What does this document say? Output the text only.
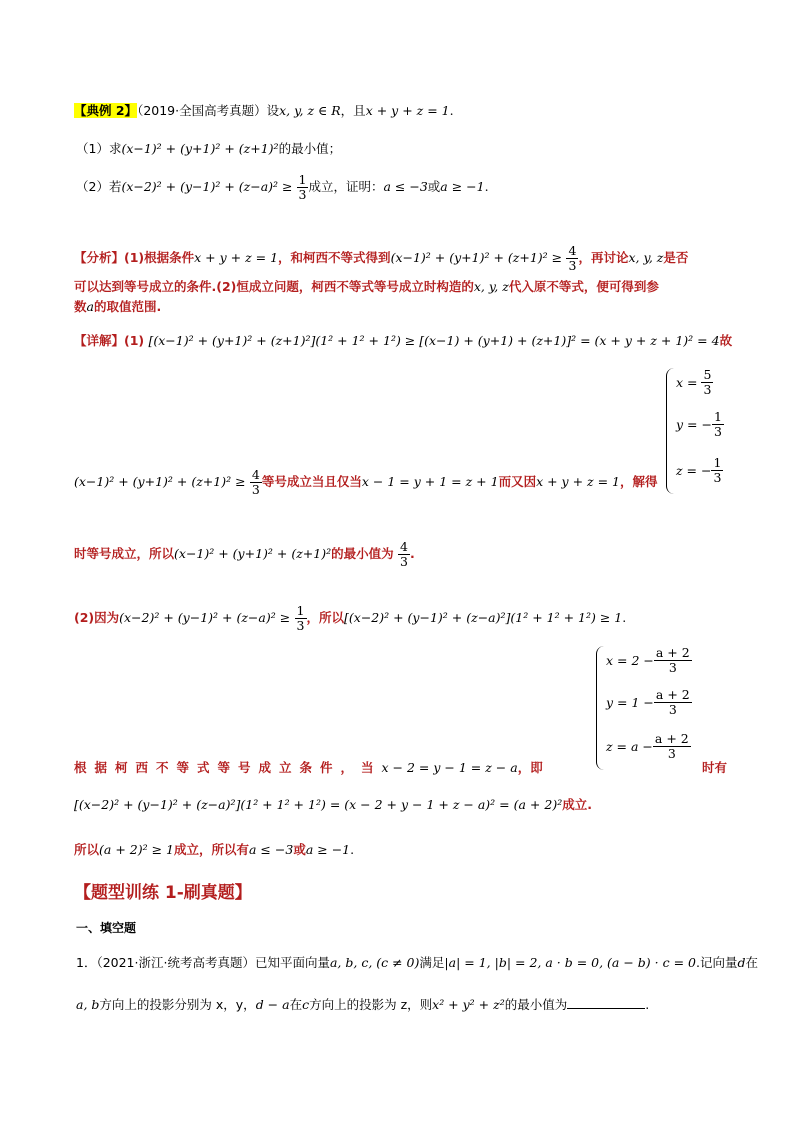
【典例 2】（2019·全国高考真题）设x, y, z ∈ R，且x + y + z = 1.
（1）求(x−1)² + (y+1)² + (z+1)²的最小值；
（2）若$(x-2)^2 + (y-1)^2 + (z-a)^2 \ge \frac{1}{3}$ 成立，证明：a ≤ −3或a ≥ −1.
【分析】(1)根据条件x + y + z = 1，和柯西不等式得到$(x-1)^2 + (y+1)^2 + (z+1)^2 \ge \frac{4}{3}$ ，再讨论x, y, z是否
可以达到等号成立的条件.(2)恒成立问题，柯西不等式等号成立时构造的x, y, z代入原不等式，便可得到参
数a的取值范围.
【详解】(1) [(x−1)² + (y+1)² + (z+1)²](1² + 1² + 1²) ≥ [(x−1) + (y+1) + (z+1)]² = (x + y + z + 1)² = 4故
$(x-1)^2 + (y+1)^2 + (z+1)^2 \ge \frac{4}{3}$ 等号成立当且仅当x − 1 = y + 1 = z + 1而又因x + y + z = 1，解得
x =
$\frac{5}{3}$
y = − $\frac{1}{3}$
z = − $\frac{1}{3}$
时等号成立，所以(x−1)² + (y+1)² + (z+1)²的最小值为 $\frac{4}{3}$ .
(2)因为$(x-2)^2 + (y-1)^2 + (z-a)^2 \ge \frac{1}{3}$ ，所以[(x−2)² + (y−1)² + (z−a)²](1² + 1² + 1²) ≥ 1.
$x = 2 - \frac{a + 2}{3}$
$y = 1 - \frac{a + 2}{3}$
$z = a - \frac{a + 2}{3}$
根据柯西不等式等号成立条件，当x − 2 = y − 1 = z − a，即	时有
[(x−2)² + (y−1)² + (z−a)²](1² + 1² + 1²) = (x − 2 + y − 1 + z − a)² = (a + 2)²成立.
所以(a + 2)² ≥ 1成立，所以有a ≤ −3或a ≥ −1.
【题型训练 1-刷真题】
一、填空题
1．（2021·浙江·统考高考真题）已知平面向量a, b, c, (c ≠ 0)满足|a| = 1, |b| = 2, a · b = 0, (a − b) · c = 0.记向量d在
a, b方向上的投影分别为 x，y，d − a在c方向上的投影为 z，则x² + y² + z²的最小值为	.
